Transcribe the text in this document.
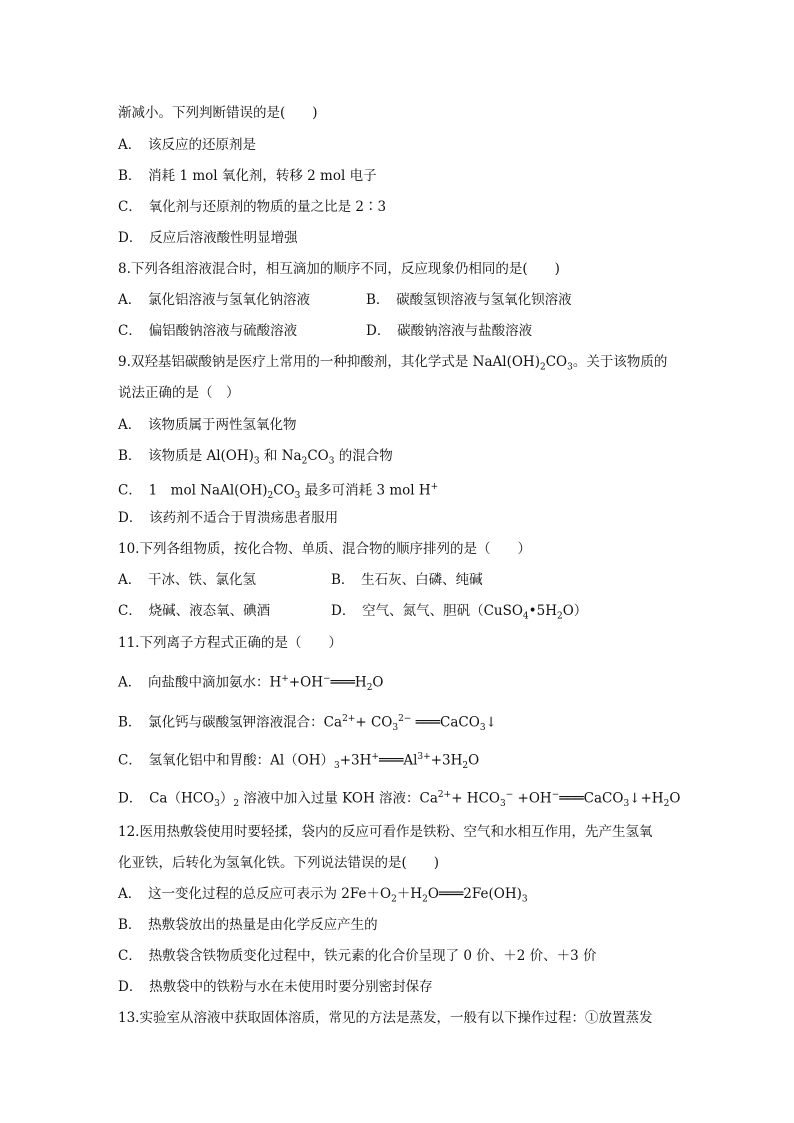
渐减小。下列判断错误的是(　　)
A．　该反应的还原剂是
B．　消耗 1 mol 氧化剂，转移 2 mol 电子
C．　氧化剂与还原剂的物质的量之比是 2∶3
D．　反应后溶液酸性明显增强
8.下列各组溶液混合时，相互滴加的顺序不同，反应现象仍相同的是(　　)
A．　氯化铝溶液与氢氧化钠溶液	B．　碳酸氢钡溶液与氢氧化钡溶液
C．　偏铝酸钠溶液与硫酸溶液	D．　碳酸钠溶液与盐酸溶液
9.双羟基铝碳酸钠是医疗上常用的一种抑酸剂，其化学式是 $NaAl(OH)_2CO_3$。关于该物质的
说法正确的是（　）
A．　该物质属于两性氢氧化物
B．　该物质是 $Al(OH)_3$ 和 $Na_2CO_3$ 的混合物
C．　1　mol $NaAl(OH)_2CO_3$ 最多可消耗 3 mol H+
D．　该药剂不适合于胃溃疡患者服用
10.下列各组物质，按化合物、单质、混合物的顺序排列的是（　　）
A．　干冰、铁、氯化氢	B．　生石灰、白磷、纯碱
C．　烧碱、液态氧、碘酒	D．　空气、氮气、胆矾$(CuSO_4•5H_2O)$
11.下列离子方程式正确的是（　　）
A．　向盐酸中滴加氨水：$H^++OH^-═══H_2O$
B．　氯化钙与碳酸氢钾溶液混合：$Ca^{2+}+ CO_3^{2-}$ ═══CaCO$_3$↓
C．　氢氧化铝中和胃酸：$Al(OH)_3+3H^+═══Al^{3+}+3H_2O$
D．　$Ca(HCO_3)_2$ 溶液中加入过量 KOH 溶液：$Ca^{2+}+ HCO_3^-$ $+OH^-═══CaCO_3↓+H_2O$
12.医用热敷袋使用时要轻揉，袋内的反应可看作是铁粉、空气和水相互作用，先产生氢氧
化亚铁，后转化为氢氧化铁。下列说法错误的是(　　)
A．　这一变化过程的总反应可表示为 $2Fe+O_2+H_2O═══2Fe(OH)_3$
B．　热敷袋放出的热量是由化学反应产生的
C．　热敷袋含铁物质变化过程中，铁元素的化合价呈现了 0 价、＋2 价、＋3 价
D．　热敷袋中的铁粉与水在未使用时要分别密封保存
13.实验室从溶液中获取固体溶质，常见的方法是蒸发，一般有以下操作过程：①放置蒸发
